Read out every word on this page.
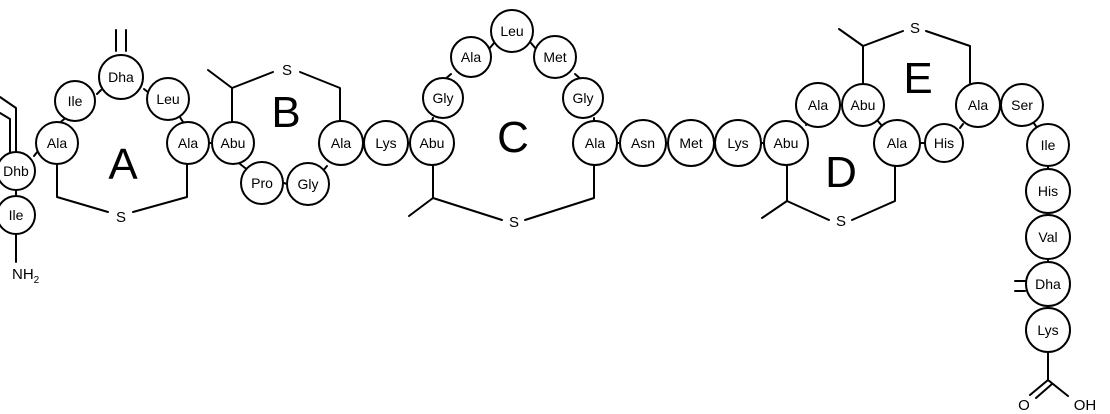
A
B
C
D
E
S
S
S	S
S
$NH_2$
O	OH
Ile
Dhb
Ala
Ile
Dha
Leu
Ala Abu
Pro Gly
Ala Lys Abu
Gly
Ala
Leu
Met
Gly
Ala Asn Met Lys Abu
Ala Abu
Ala His
Ala Ser
Ile
His
Val
Dha
Lys
